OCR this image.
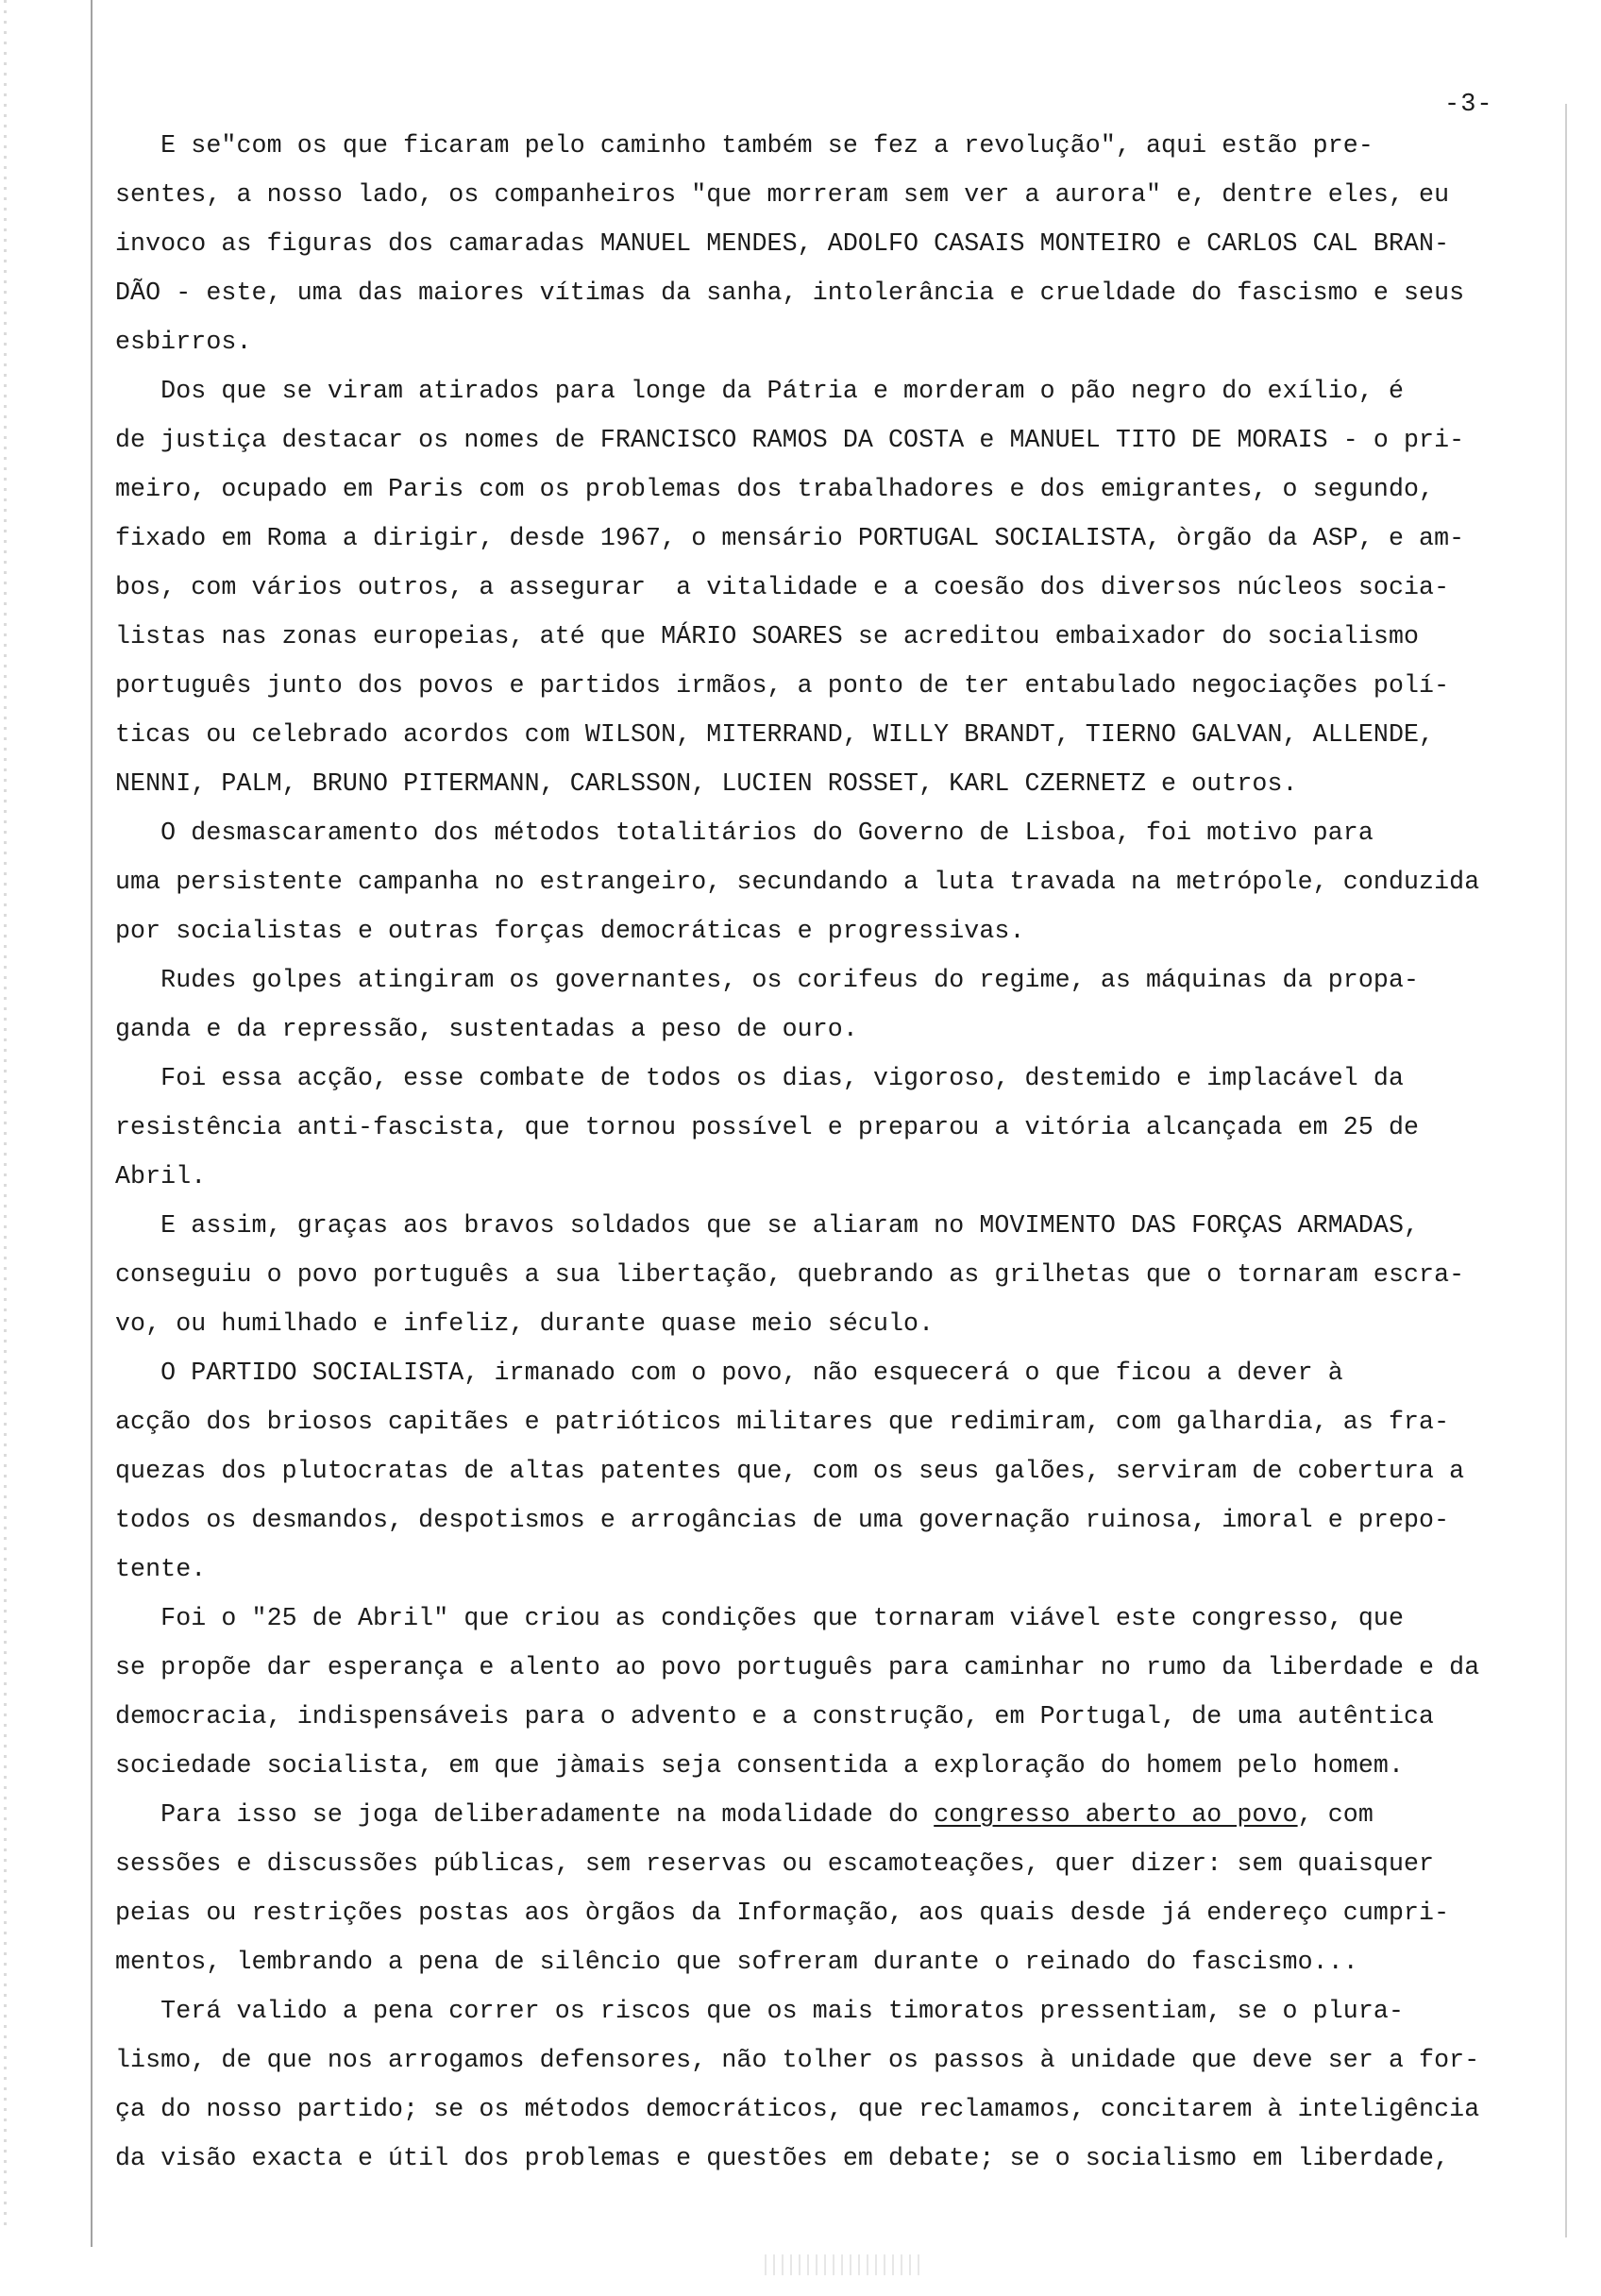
-3-
E se"com os que ficaram pelo caminho também se fez a revolução", aqui estão pre-
sentes, a nosso lado, os companheiros "que morreram sem ver a aurora" e, dentre eles, eu
invoco as figuras dos camaradas MANUEL MENDES, ADOLFO CASAIS MONTEIRO e CARLOS CAL BRAN-
DÃO - este, uma das maiores vítimas da sanha, intolerância e crueldade do fascismo e seus
esbirros.
Dos que se viram atirados para longe da Pátria e morderam o pão negro do exílio, é
de justiça destacar os nomes de FRANCISCO RAMOS DA COSTA e MANUEL TITO DE MORAIS - o pri-
meiro, ocupado em Paris com os problemas dos trabalhadores e dos emigrantes, o segundo,
fixado em Roma a dirigir, desde 1967, o mensário PORTUGAL SOCIALISTA, òrgão da ASP, e am-
bos, com vários outros, a assegurar  a vitalidade e a coesão dos diversos núcleos socia-
listas nas zonas europeias, até que MÁRIO SOARES se acreditou embaixador do socialismo
português junto dos povos e partidos irmãos, a ponto de ter entabulado negociações polí-
ticas ou celebrado acordos com WILSON, MITERRAND, WILLY BRANDT, TIERNO GALVAN, ALLENDE,
NENNI, PALM, BRUNO PITERMANN, CARLSSON, LUCIEN ROSSET, KARL CZERNETZ e outros.
O desmascaramento dos métodos totalitários do Governo de Lisboa, foi motivo para
uma persistente campanha no estrangeiro, secundando a luta travada na metrópole, conduzida
por socialistas e outras forças democráticas e progressivas.
Rudes golpes atingiram os governantes, os corifeus do regime, as máquinas da propa-
ganda e da repressão, sustentadas a peso de ouro.
Foi essa acção, esse combate de todos os dias, vigoroso, destemido e implacável da
resistência anti-fascista, que tornou possível e preparou a vitória alcançada em 25 de
Abril.
E assim, graças aos bravos soldados que se aliaram no MOVIMENTO DAS FORÇAS ARMADAS,
conseguiu o povo português a sua libertação, quebrando as grilhetas que o tornaram escra-
vo, ou humilhado e infeliz, durante quase meio século.
O PARTIDO SOCIALISTA, irmanado com o povo, não esquecerá o que ficou a dever à
acção dos briosos capitães e patrióticos militares que redimiram, com galhardia, as fra-
quezas dos plutocratas de altas patentes que, com os seus galões, serviram de cobertura a
todos os desmandos, despotismos e arrogâncias de uma governação ruinosa, imoral e prepo-
tente.
Foi o "25 de Abril" que criou as condições que tornaram viável este congresso, que
se propõe dar esperança e alento ao povo português para caminhar no rumo da liberdade e da
democracia, indispensáveis para o advento e a construção, em Portugal, de uma autêntica
sociedade socialista, em que jàmais seja consentida a exploração do homem pelo homem.
Para isso se joga deliberadamente na modalidade do congresso aberto ao povo, com
sessões e discussões públicas, sem reservas ou escamoteações, quer dizer: sem quaisquer
peias ou restrições postas aos òrgãos da Informação, aos quais desde já endereço cumpri-
mentos, lembrando a pena de silêncio que sofreram durante o reinado do fascismo...
Terá valido a pena correr os riscos que os mais timoratos pressentiam, se o plura-
lismo, de que nos arrogamos defensores, não tolher os passos à unidade que deve ser a for-
ça do nosso partido; se os métodos democráticos, que reclamamos, concitarem à inteligência
da visão exacta e útil dos problemas e questões em debate; se o socialismo em liberdade,
